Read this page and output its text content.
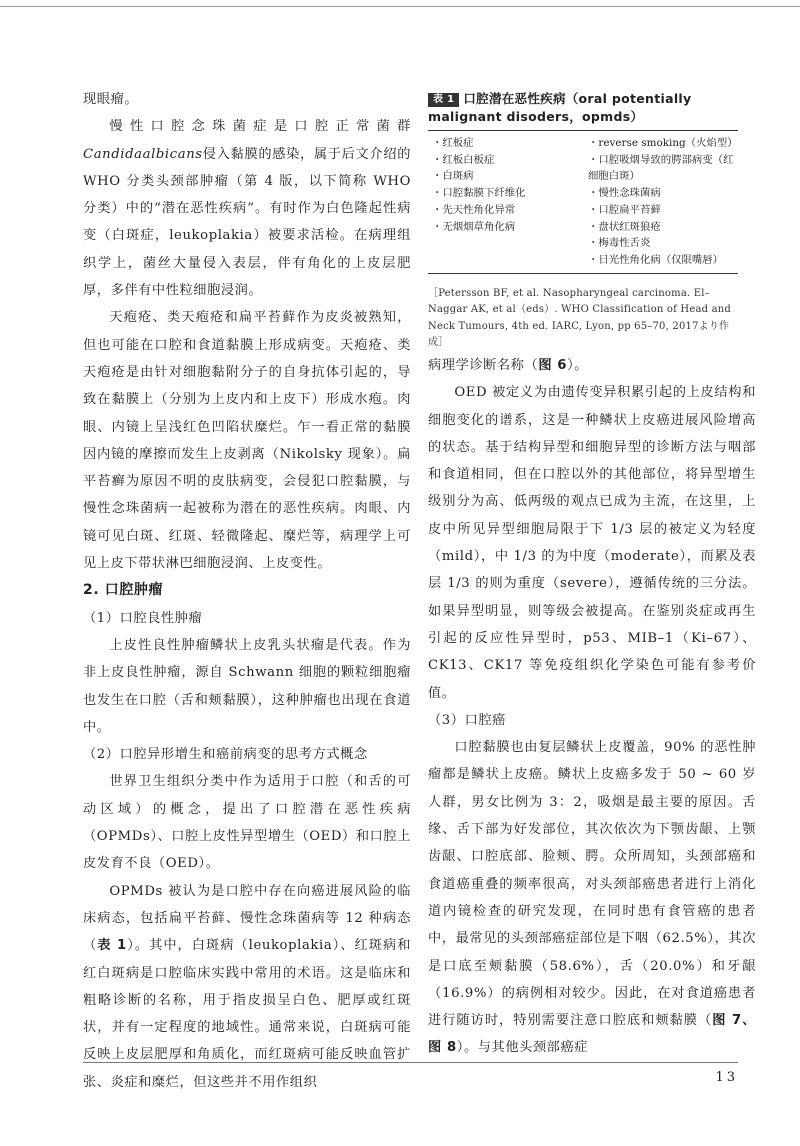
现眼瘤。

慢性口腔念珠菌症是口腔正常菌群Candidaalbicans侵入黏膜的感染，属于后文介绍的 WHO 分类头颈部肿瘤（第 4 版，以下简称 WHO 分类）中的“潜在恶性疾病”。有时作为白色隆起性病变（白斑症，leukoplakia）被要求活检。在病理组织学上，菌丝大量侵入表层，伴有角化的上皮层肥厚，多伴有中性粒细胞浸润。

天疱疮、类天疱疮和扁平苔藓作为皮炎被熟知，但也可能在口腔和食道黏膜上形成病变。天疱疮、类天疱疮是由针对细胞黏附分子的自身抗体引起的，导致在黏膜上（分别为上皮内和上皮下）形成水疱。肉眼、内镜上呈浅红色凹陷状糜烂。乍一看正常的黏膜因内镜的摩擦而发生上皮剥离（Nikolsky 现象）。扁平苔癣为原因不明的皮肤病变，会侵犯口腔黏膜，与慢性念珠菌病一起被称为潜在的恶性疾病。肉眼、内镜可见白斑、红斑、轻微隆起、糜烂等，病理学上可见上皮下带状淋巴细胞浸润、上皮变性。

2. 口腔肿瘤

（1）口腔良性肿瘤

上皮性良性肿瘤鳞状上皮乳头状瘤是代表。作为非上皮良性肿瘤，源自 Schwann 细胞的颗粒细胞瘤也发生在口腔（舌和颊黏膜），这种肿瘤也出现在食道中。

（2）口腔异形增生和癌前病变的思考方式概念

世界卫生组织分类中作为适用于口腔（和舌的可动区域）的概念，提出了口腔潜在恶性疾病（OPMDs）、口腔上皮性异型增生（OED）和口腔上皮发育不良（OED）。

OPMDs 被认为是口腔中存在向癌进展风险的临床病态，包括扁平苔藓、慢性念珠菌病等 12 种病态（表 1）。其中，白斑病（leukoplakia）、红斑病和红白斑病是口腔临床实践中常用的术语。这是临床和粗略诊断的名称，用于指皮损呈白色、肥厚或红斑状，并有一定程度的地域性。通常来说，白斑病可能反映上皮层肥厚和角质化，而红斑病可能反映血管扩张、炎症和糜烂，但这些并不用作组织

表 1 口腔潜在恶性疾病（oral potentially malignant disoders，opmds）
・红板症
・红板白板症
・白斑病
・口腔黏膜下纤维化
・先天性角化异常
・无烟烟草角化病
・reverse smoking（火焰型）
・口腔吸烟导致的腭部病变（红细胞白斑）
・慢性念珠菌病
・口腔扁平苔藓
・盘状红斑狼疮
・梅毒性舌炎
・日光性角化病（仅限嘴唇）
［Petersson BF, et al. Nasopharyngeal carcinoma. El–Naggar AK, et al（eds）. WHO Classification of Head and Neck Tumours, 4th ed. IARC, Lyon, pp 65–70, 2017より作成］

病理学诊断名称（图 6）。

OED 被定义为由遗传变异积累引起的上皮结构和细胞变化的谱系，这是一种鳞状上皮癌进展风险增高的状态。基于结构异型和细胞异型的诊断方法与咽部和食道相同，但在口腔以外的其他部位，将异型增生级别分为高、低两级的观点已成为主流，在这里，上皮中所见异型细胞局限于下 1/3 层的被定义为轻度（mild），中 1/3 的为中度（moderate），而累及表层 1/3 的则为重度（severe），遵循传统的三分法。如果异型明显，则等级会被提高。在鉴别炎症或再生引起的反应性异型时，p53、MIB–1（Ki–67）、CK13、CK17 等免疫组织化学染色可能有参考价值。

（3）口腔癌

口腔黏膜也由复层鳞状上皮覆盖，90% 的恶性肿瘤都是鳞状上皮癌。鳞状上皮癌多发于 50 ~ 60 岁人群，男女比例为 3：2，吸烟是最主要的原因。舌缘、舌下部为好发部位，其次依次为下颚齿龈、上颚齿龈、口腔底部、脸颊、腭。众所周知，头颈部癌和食道癌重叠的频率很高，对头颈部癌患者进行上消化道内镜检查的研究发现，在同时患有食管癌的患者中，最常见的头颈部癌症部位是下咽（62.5%），其次是口底至颊黏膜（58.6%），舌（20.0%）和牙龈（16.9%）的病例相对较少。因此，在对食道癌患者进行随访时，特别需要注意口腔底和颊黏膜（图 7、图 8）。与其他头颈部癌症

13
